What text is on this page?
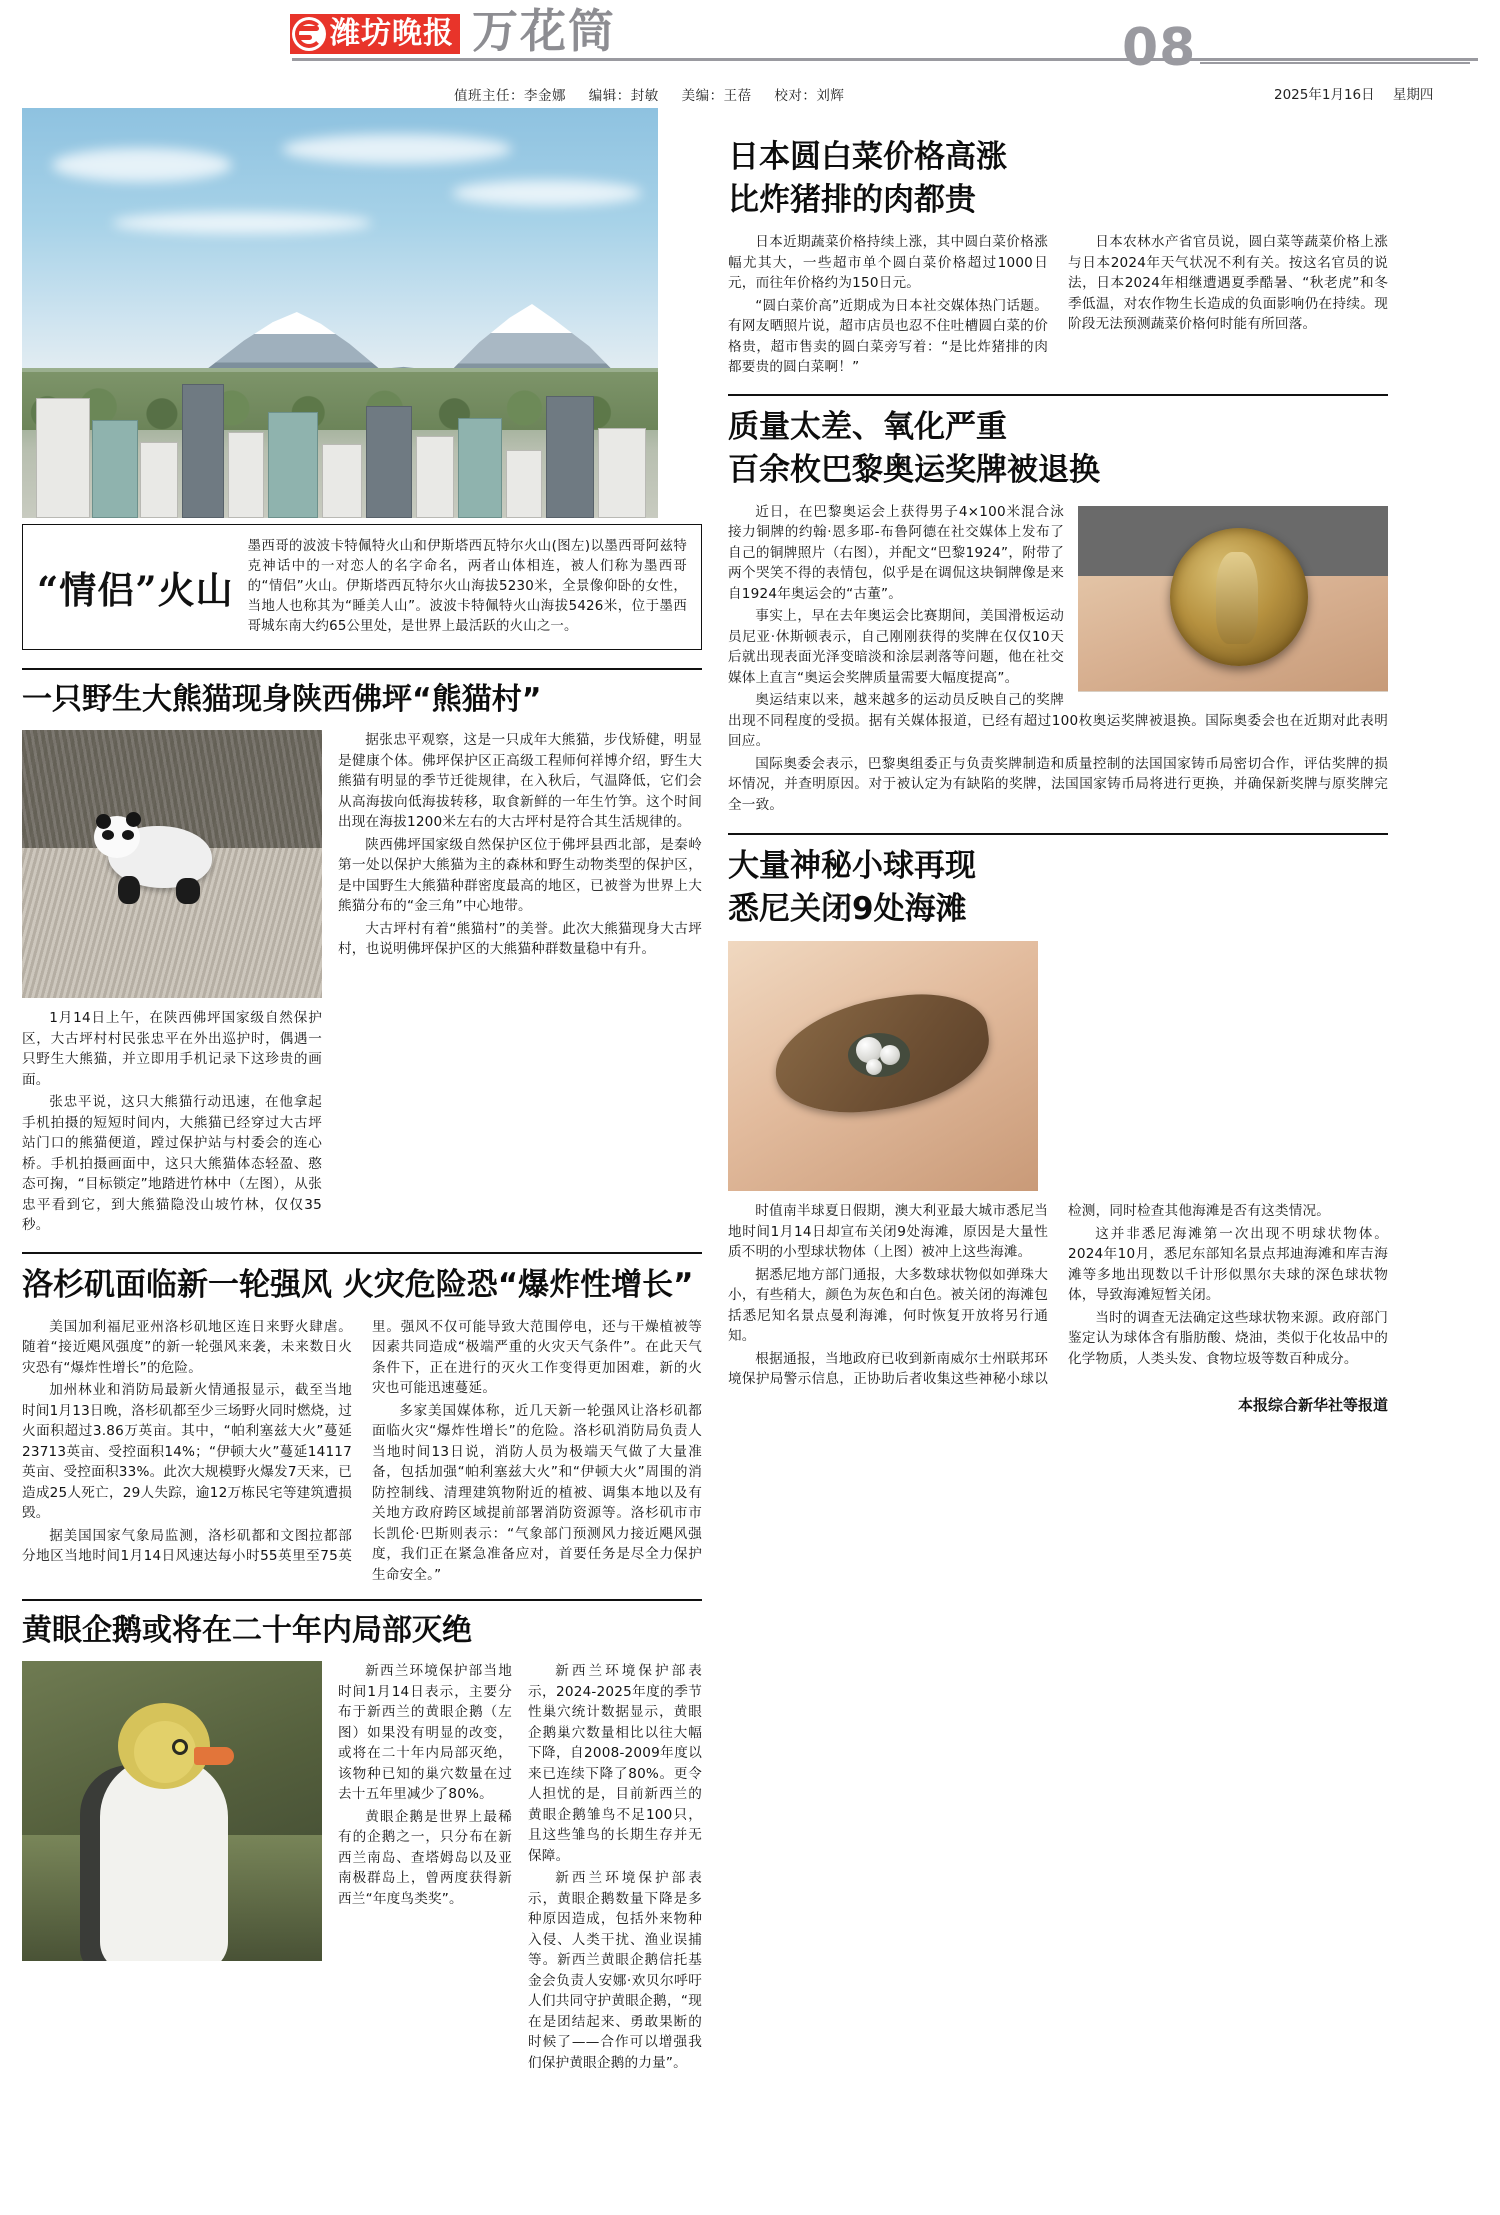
潍坊晚报 万花筒	08
值班主任：李金娜 编辑：封敏 美编：王蓓 校对：刘辉	2025年1月16日 星期四
“情侣”火山
墨西哥的波波卡特佩特火山和伊斯塔西瓦特尔火山(图左)以墨西哥阿兹特克神话中的一对恋人的名字命名，两者山体相连，被人们称为墨西哥的“情侣”火山。伊斯塔西瓦特尔火山海拔5230米，全景像仰卧的女性，当地人也称其为“睡美人山”。波波卡特佩特火山海拔5426米，位于墨西哥城东南大约65公里处，是世界上最活跃的火山之一。
一只野生大熊猫现身陕西佛坪“熊猫村”

1月14日上午，在陕西佛坪国家级自然保护区，大古坪村村民张忠平在外出巡护时，偶遇一只野生大熊猫，并立即用手机记录下这珍贵的画面。

张忠平说，这只大熊猫行动迅速，在他拿起手机拍摄的短短时间内，大熊猫已经穿过大古坪站门口的熊猫便道，蹚过保护站与村委会的连心桥。手机拍摄画面中，这只大熊猫体态轻盈、憨态可掬，“目标锁定”地踏进竹林中（左图），从张忠平看到它，到大熊猫隐没山坡竹林，仅仅35秒。

据张忠平观察，这是一只成年大熊猫，步伐矫健，明显是健康个体。佛坪保护区正高级工程师何祥博介绍，野生大熊猫有明显的季节迁徙规律，在入秋后，气温降低，它们会从高海拔向低海拔转移，取食新鲜的一年生竹笋。这个时间出现在海拔1200米左右的大古坪村是符合其生活规律的。

陕西佛坪国家级自然保护区位于佛坪县西北部，是秦岭第一处以保护大熊猫为主的森林和野生动物类型的保护区，是中国野生大熊猫种群密度最高的地区，已被誉为世界上大熊猫分布的“金三角”中心地带。

大古坪村有着“熊猫村”的美誉。此次大熊猫现身大古坪村，也说明佛坪保护区的大熊猫种群数量稳中有升。

洛杉矶面临新一轮强风 火灾危险恐“爆炸性增长”

美国加利福尼亚州洛杉矶地区连日来野火肆虐。随着“接近飓风强度”的新一轮强风来袭，未来数日火灾恐有“爆炸性增长”的危险。

加州林业和消防局最新火情通报显示，截至当地时间1月13日晚，洛杉矶都至少三场野火同时燃烧，过火面积超过3.86万英亩。其中，“帕利塞兹大火”蔓延23713英亩、受控面积14%；“伊顿大火”蔓延14117英亩、受控面积33%。此次大规模野火爆发7天来，已造成25人死亡，29人失踪，逾12万栋民宅等建筑遭损毁。

据美国国家气象局监测，洛杉矶都和文图拉都部分地区当地时间1月14日风速达每小时55英里至75英里。强风不仅可能导致大范围停电，还与干燥植被等因素共同造成“极端严重的火灾天气条件”。在此天气条件下，正在进行的灭火工作变得更加困难，新的火灾也可能迅速蔓延。

多家美国媒体称，近几天新一轮强风让洛杉矶都面临火灾“爆炸性增长”的危险。洛杉矶消防局负责人当地时间13日说，消防人员为极端天气做了大量准备，包括加强“帕利塞兹大火”和“伊顿大火”周围的消防控制线、清理建筑物附近的植被、调集本地以及有关地方政府跨区域提前部署消防资源等。洛杉矶市市长凯伦·巴斯则表示：“气象部门预测风力接近飓风强度，我们正在紧急准备应对，首要任务是尽全力保护生命安全。”

黄眼企鹅或将在二十年内局部灭绝

新西兰环境保护部当地时间1月14日表示，主要分布于新西兰的黄眼企鹅（左图）如果没有明显的改变，或将在二十年内局部灭绝，该物种已知的巢穴数量在过去十五年里减少了80%。

黄眼企鹅是世界上最稀有的企鹅之一，只分布在新西兰南岛、查塔姆岛以及亚南极群岛上，曾两度获得新西兰“年度鸟类奖”。

新西兰环境保护部表示，2024-2025年度的季节性巢穴统计数据显示，黄眼企鹅巢穴数量相比以往大幅下降，自2008-2009年度以来已连续下降了80%。更令人担忧的是，目前新西兰的黄眼企鹅雏鸟不足100只，且这些雏鸟的长期生存并无保障。

新西兰环境保护部表示，黄眼企鹅数量下降是多种原因造成，包括外来物种入侵、人类干扰、渔业误捕等。新西兰黄眼企鹅信托基金会负责人安娜·欢贝尔呼吁人们共同守护黄眼企鹅，“现在是团结起来、勇敢果断的时候了——合作可以增强我们保护黄眼企鹅的力量”。

日本圆白菜价格高涨
比炸猪排的肉都贵

日本近期蔬菜价格持续上涨，其中圆白菜价格涨幅尤其大，一些超市单个圆白菜价格超过1000日元，而往年价格约为150日元。

“圆白菜价高”近期成为日本社交媒体热门话题。有网友晒照片说，超市店员也忍不住吐槽圆白菜的价格贵，超市售卖的圆白菜旁写着：“是比炸猪排的肉都要贵的圆白菜啊！”

日本农林水产省官员说，圆白菜等蔬菜价格上涨与日本2024年天气状况不利有关。按这名官员的说法，日本2024年相继遭遇夏季酷暑、“秋老虎”和冬季低温，对农作物生长造成的负面影响仍在持续。现阶段无法预测蔬菜价格何时能有所回落。

质量太差、氧化严重
百余枚巴黎奥运奖牌被退换

近日，在巴黎奥运会上获得男子4×100米混合泳接力铜牌的约翰·恩多耶-布鲁阿德在社交媒体上发布了自己的铜牌照片（右图），并配文“巴黎1924”，附带了两个哭笑不得的表情包，似乎是在调侃这块铜牌像是来自1924年奥运会的“古董”。

事实上，早在去年奥运会比赛期间，美国滑板运动员尼亚·休斯顿表示，自己刚刚获得的奖牌在仅仅10天后就出现表面光泽变暗淡和涂层剥落等问题，他在社交媒体上直言“奥运会奖牌质量需要大幅度提高”。

奥运结束以来，越来越多的运动员反映自己的奖牌出现不同程度的受损。据有关媒体报道，已经有超过100枚奥运奖牌被退换。国际奥委会也在近期对此表明回应。

国际奥委会表示，巴黎奥组委正与负责奖牌制造和质量控制的法国国家铸币局密切合作，评估奖牌的损坏情况，并查明原因。对于被认定为有缺陷的奖牌，法国国家铸币局将进行更换，并确保新奖牌与原奖牌完全一致。

大量神秘小球再现
悉尼关闭9处海滩

时值南半球夏日假期，澳大利亚最大城市悉尼当地时间1月14日却宣布关闭9处海滩，原因是大量性质不明的小型球状物体（上图）被冲上这些海滩。

据悉尼地方部门通报，大多数球状物似如弹珠大小，有些稍大，颜色为灰色和白色。被关闭的海滩包括悉尼知名景点曼利海滩，何时恢复开放将另行通知。

根据通报，当地政府已收到新南威尔士州联邦环境保护局警示信息，正协助后者收集这些神秘小球以检测，同时检查其他海滩是否有这类情况。

这并非悉尼海滩第一次出现不明球状物体。2024年10月，悉尼东部知名景点邦迪海滩和库吉海滩等多地出现数以千计形似黑尔夫球的深色球状物体，导致海滩短暂关闭。

当时的调查无法确定这些球状物来源。政府部门鉴定认为球体含有脂肪酸、烧油，类似于化妆品中的化学物质，人类头发、食物垃圾等数百种成分。

本报综合新华社等报道
